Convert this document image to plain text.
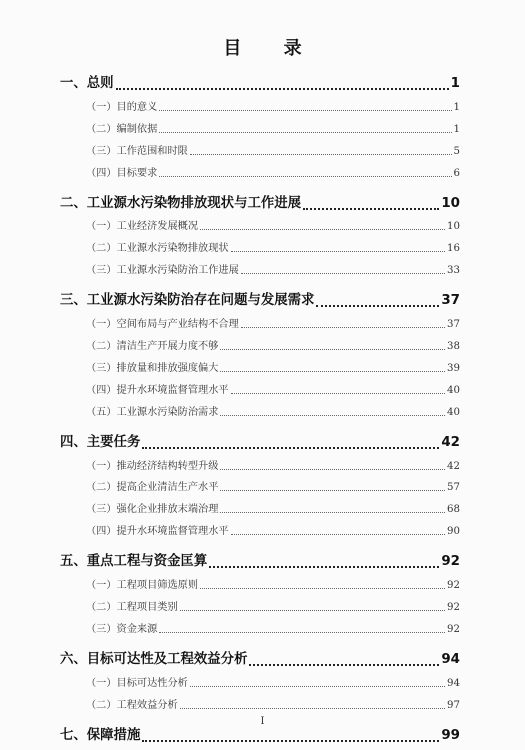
目 录
一、总则	1
（一）目的意义	1
（二）编制依据	1
（三）工作范围和时限	5
（四）目标要求	6
二、工业源水污染物排放现状与工作进展	10
（一）工业经济发展概况	10
（二）工业源水污染物排放现状	16
（三）工业源水污染防治工作进展	33
三、工业源水污染防治存在问题与发展需求	37
（一）空间布局与产业结构不合理	37
（二）清洁生产开展力度不够	38
（三）排放量和排放强度偏大	39
（四）提升水环境监督管理水平	40
（五）工业源水污染防治需求	40
四、主要任务	42
（一）推动经济结构转型升级	42
（二）提高企业清洁生产水平	57
（三）强化企业排放末端治理	68
（四）提升水环境监督管理水平	90
五、重点工程与资金匡算	92
（一）工程项目筛选原则	92
（二）工程项目类别	92
（三）资金来源	92
六、目标可达性及工程效益分析	94
（一）目标可达性分析	94
（二）工程效益分析	97
七、保障措施	99
I
